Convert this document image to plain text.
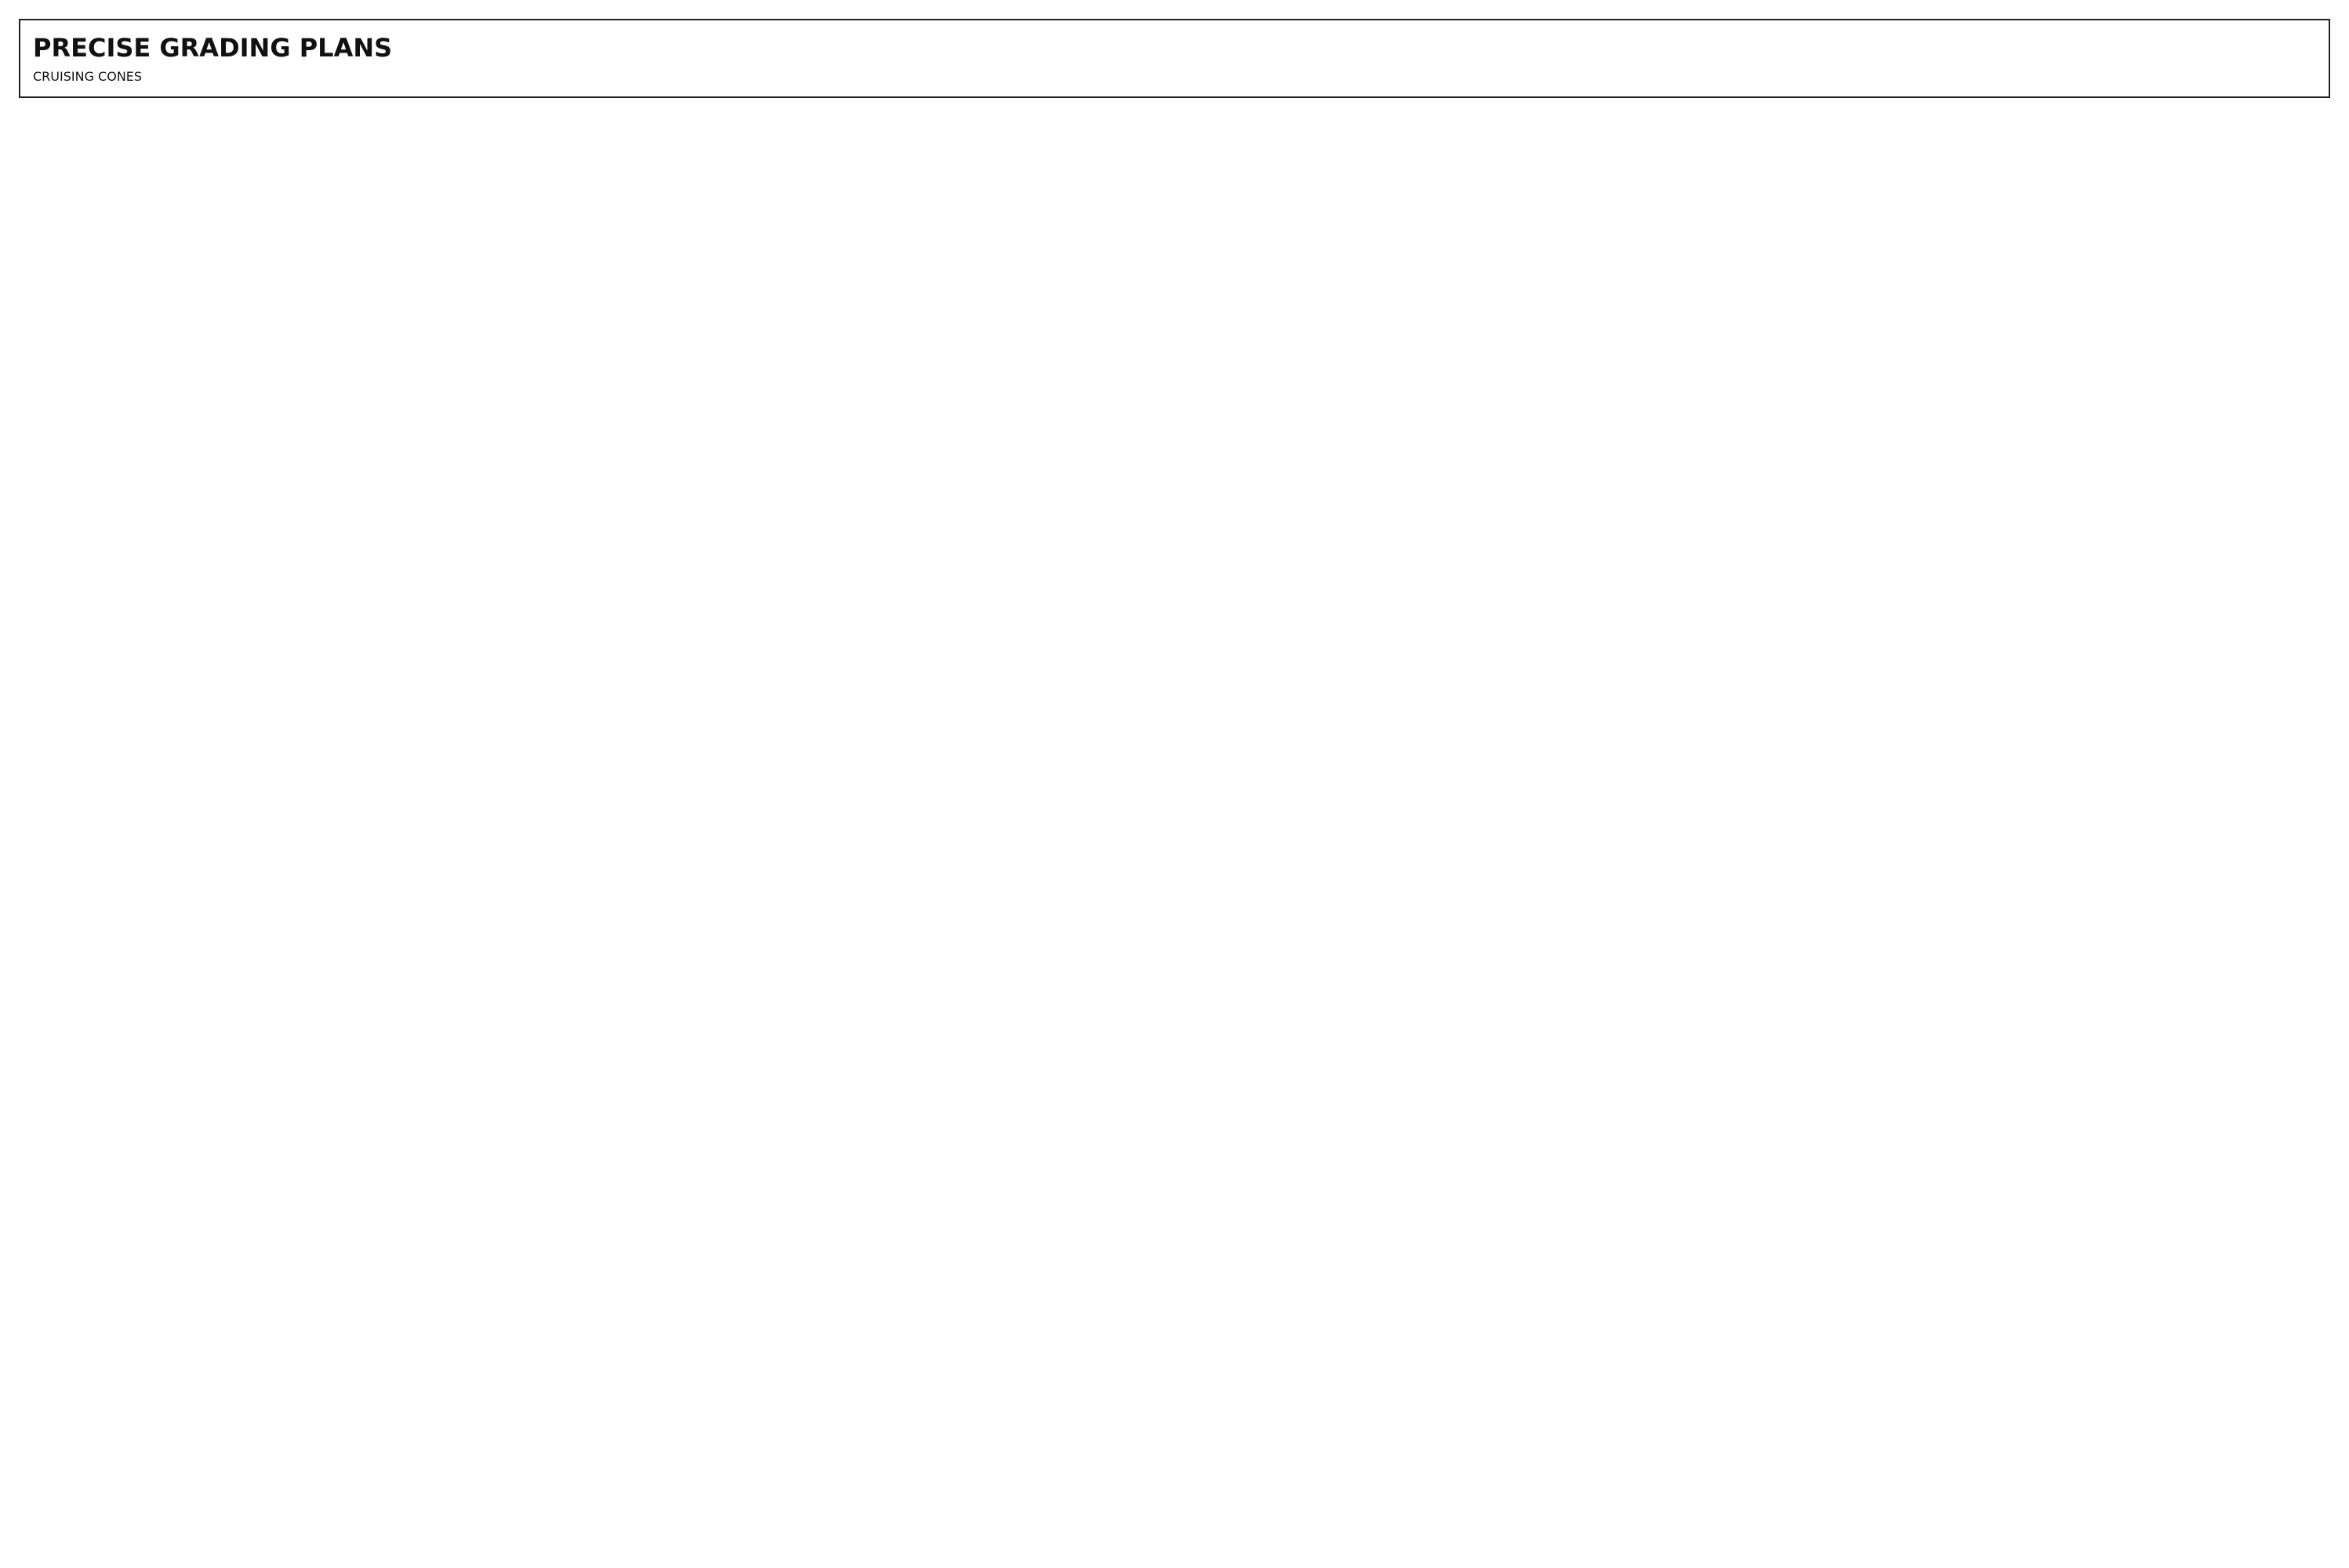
PRECISE GRADING PLANS
CRUISING CONES
